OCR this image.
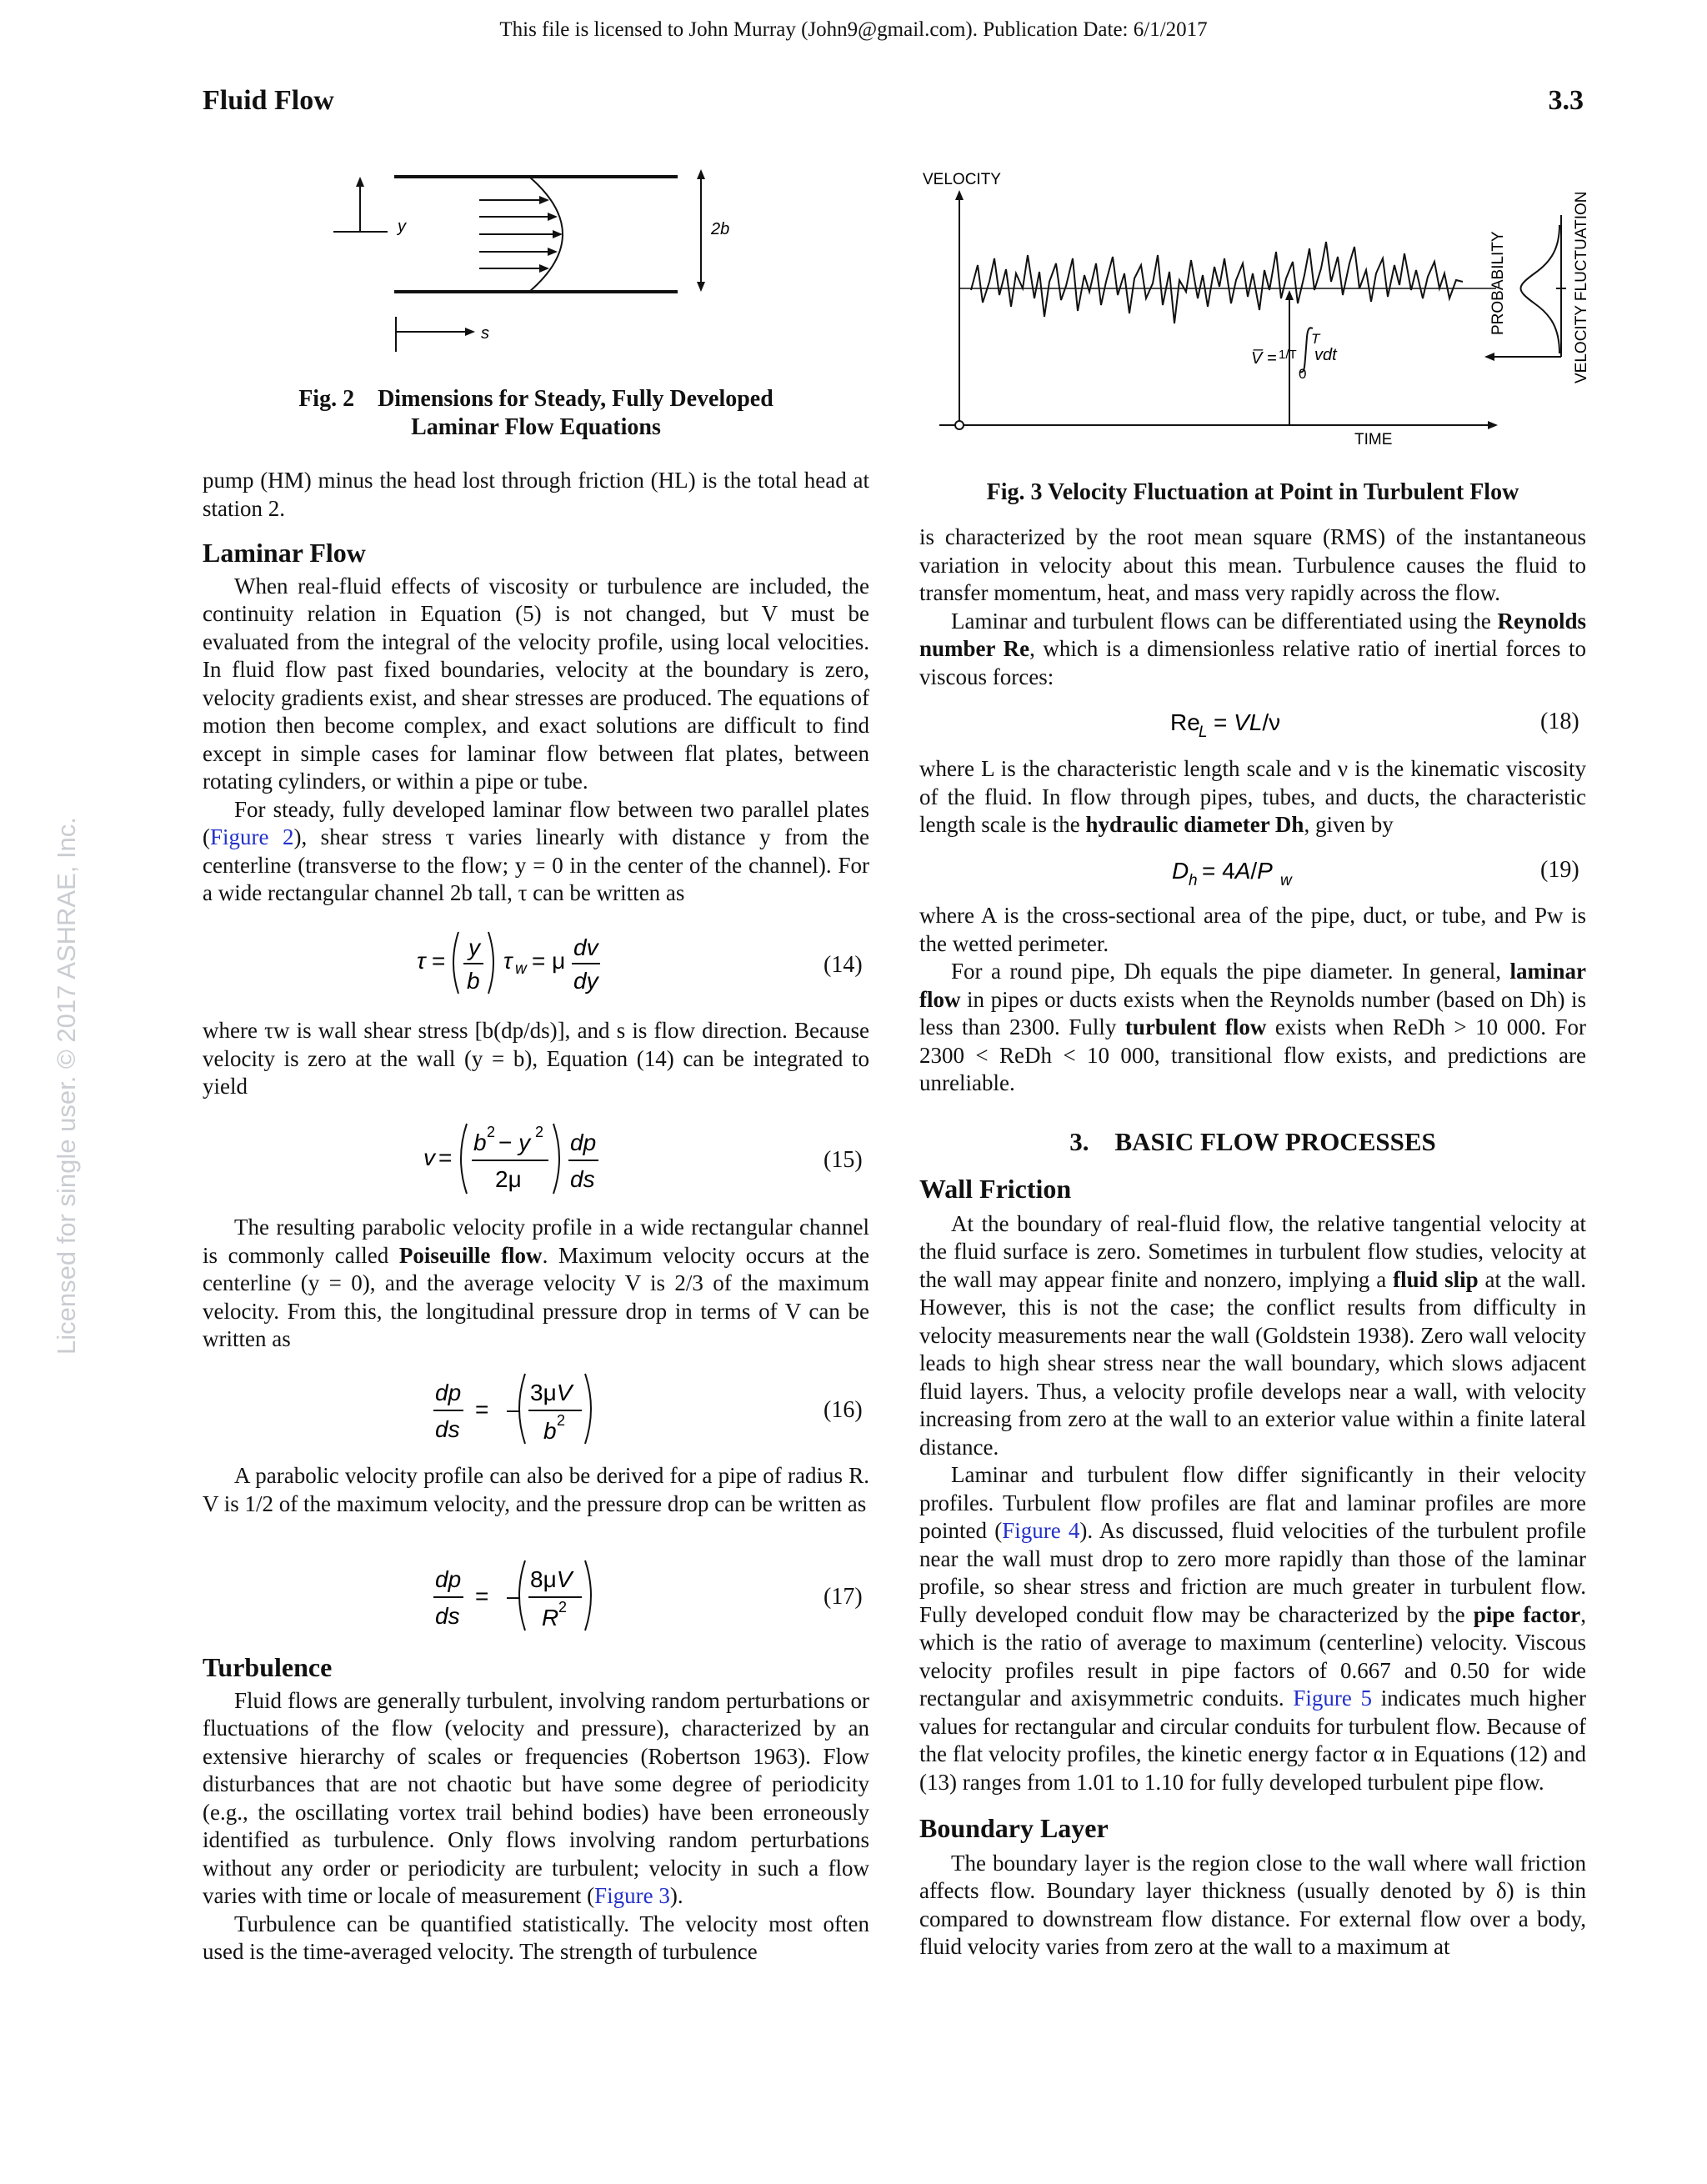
This file is licensed to John Murray (John9@gmail.com). Publication Date: 6/1/2017
Licensed for single user. © 2017 ASHRAE, Inc.
Fluid Flow	3.3
y	2b
s
Fig. 2    Dimensions for Steady, Fully Developed
Laminar Flow Equations
VELOCITY
V̅ = 1/T
T
0
vdt
TIME
PROBABILITY	VELOCITY FLUCTUATION
Fig. 3 Velocity Fluctuation at Point in Turbulent Flow

pump (HM) minus the head lost through friction (HL) is the total head at station 2.

Laminar Flow

When real-fluid effects of viscosity or turbulence are included, the continuity relation in Equation (5) is not changed, but V must be evaluated from the integral of the velocity profile, using local velocities. In fluid flow past fixed boundaries, velocity at the boundary is zero, velocity gradients exist, and shear stresses are produced. The equations of motion then become complex, and exact solutions are difficult to find except in simple cases for laminar flow between flat plates, between rotating cylinders, or within a pipe or tube.

For steady, fully developed laminar flow between two parallel plates (Figure 2), shear stress τ varies linearly with distance y from the centerline (transverse to the flow; y = 0 in the center of the channel). For a wide rectangular channel 2b tall, τ can be written as

τ =
y
b
τ w = μ
dv
dy
(14)

where τw is wall shear stress [b(dp/ds)], and s is flow direction. Because velocity is zero at the wall (y = b), Equation (14) can be integrated to yield

v =
b 2 − y 2
2μ
dp
ds
(15)

The resulting parabolic velocity profile in a wide rectangular channel is commonly called Poiseuille flow. Maximum velocity occurs at the centerline (y = 0), and the average velocity V is 2/3 of the maximum velocity. From this, the longitudinal pressure drop in terms of V can be written as

dp
ds
= –
3μV
b 2	(16)

A parabolic velocity profile can also be derived for a pipe of radius R. V is 1/2 of the maximum velocity, and the pressure drop can be written as

dp
ds
= –
8μV
R 2	(17)
Turbulence

Fluid flows are generally turbulent, involving random perturbations or fluctuations of the flow (velocity and pressure), characterized by an extensive hierarchy of scales or frequencies (Robertson 1963). Flow disturbances that are not chaotic but have some degree of periodicity (e.g., the oscillating vortex trail behind bodies) have been erroneously identified as turbulence. Only flows involving random perturbations without any order or periodicity are turbulent; velocity in such a flow varies with time or locale of measurement (Figure 3).

Turbulence can be quantified statistically. The velocity most often used is the time-averaged velocity. The strength of turbulence

is characterized by the root mean square (RMS) of the instantaneous variation in velocity about this mean. Turbulence causes the fluid to transfer momentum, heat, and mass very rapidly across the flow.

Laminar and turbulent flows can be differentiated using the Reynolds number Re, which is a dimensionless relative ratio of inertial forces to viscous forces:

Re
L = VL/ν	(18)

where L is the characteristic length scale and ν is the kinematic viscosity of the fluid. In flow through pipes, tubes, and ducts, the characteristic length scale is the hydraulic diameter Dh, given by

D h = 4A/P w	(19)

where A is the cross-sectional area of the pipe, duct, or tube, and Pw is the wetted perimeter.

For a round pipe, Dh equals the pipe diameter. In general, laminar flow in pipes or ducts exists when the Reynolds number (based on Dh) is less than 2300. Fully turbulent flow exists when ReDh > 10 000. For 2300 < ReDh < 10 000, transitional flow exists, and predictions are unreliable.

3.    BASIC FLOW PROCESSES
Wall Friction

At the boundary of real-fluid flow, the relative tangential velocity at the fluid surface is zero. Sometimes in turbulent flow studies, velocity at the wall may appear finite and nonzero, implying a fluid slip at the wall. However, this is not the case; the conflict results from difficulty in velocity measurements near the wall (Goldstein 1938). Zero wall velocity leads to high shear stress near the wall boundary, which slows adjacent fluid layers. Thus, a velocity profile develops near a wall, with velocity increasing from zero at the wall to an exterior value within a finite lateral distance.

Laminar and turbulent flow differ significantly in their velocity profiles. Turbulent flow profiles are flat and laminar profiles are more pointed (Figure 4). As discussed, fluid velocities of the turbulent profile near the wall must drop to zero more rapidly than those of the laminar profile, so shear stress and friction are much greater in turbulent flow. Fully developed conduit flow may be characterized by the pipe factor, which is the ratio of average to maximum (centerline) velocity. Viscous velocity profiles result in pipe factors of 0.667 and 0.50 for wide rectangular and axisymmetric conduits. Figure 5 indicates much higher values for rectangular and circular conduits for turbulent flow. Because of the flat velocity profiles, the kinetic energy factor α in Equations (12) and (13) ranges from 1.01 to 1.10 for fully developed turbulent pipe flow.

Boundary Layer

The boundary layer is the region close to the wall where wall friction affects flow. Boundary layer thickness (usually denoted by δ) is thin compared to downstream flow distance. For external flow over a body, fluid velocity varies from zero at the wall to a maximum at
